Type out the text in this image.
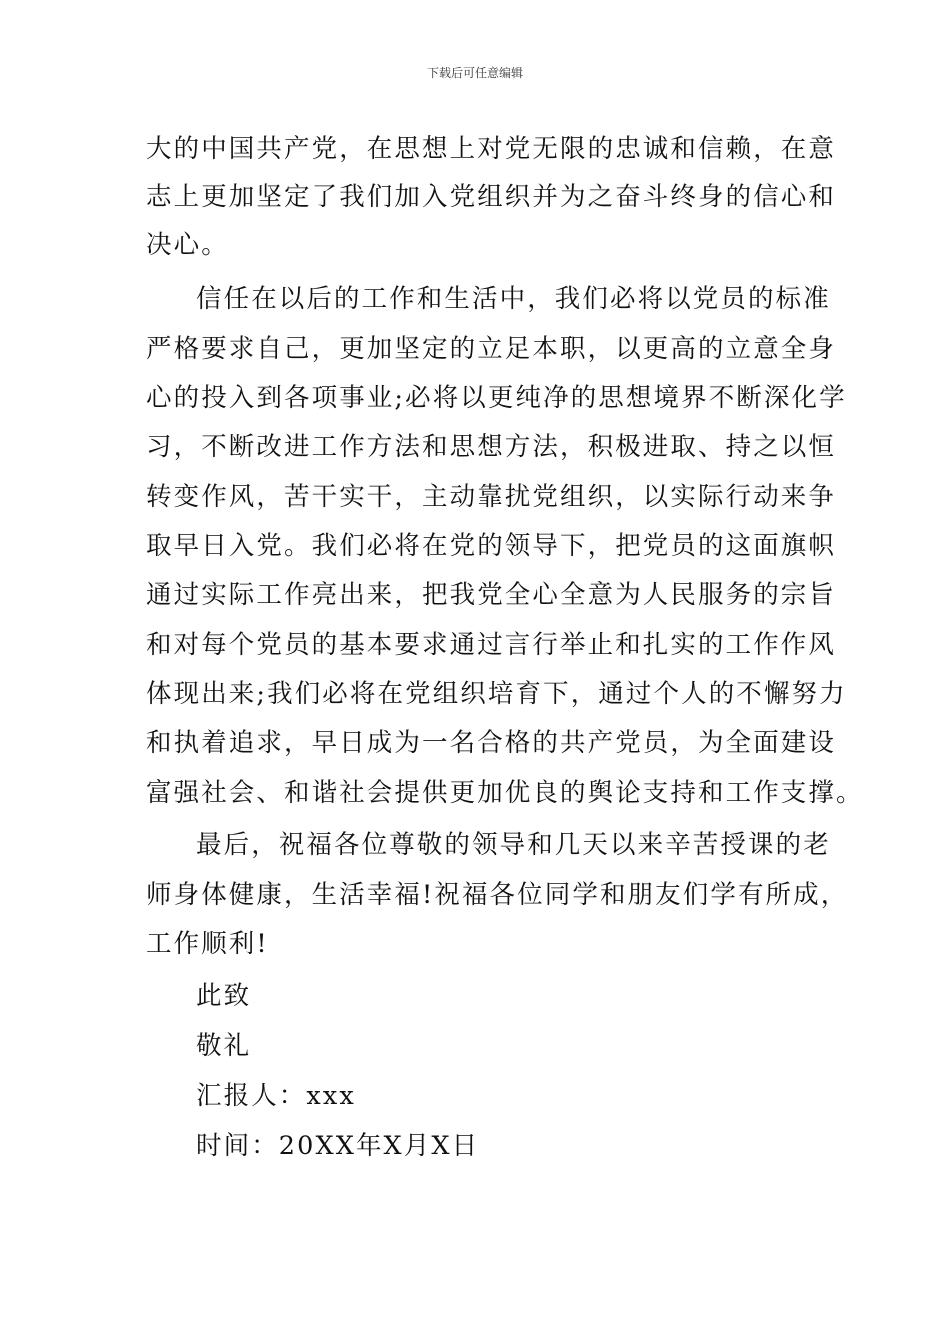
下载后可任意编辑
大的中国共产党，在思想上对党无限的忠诚和信赖，在意
志上更加坚定了我们加入党组织并为之奋斗终身的信心和
决心。
信任在以后的工作和生活中，我们必将以党员的标准
严格要求自己，更加坚定的立足本职，以更高的立意全身
心的投入到各项事业;必将以更纯净的思想境界不断深化学
习，不断改进工作方法和思想方法，积极进取、持之以恒
转变作风，苦干实干，主动靠扰党组织，以实际行动来争
取早日入党。我们必将在党的领导下，把党员的这面旗帜
通过实际工作亮出来，把我党全心全意为人民服务的宗旨
和对每个党员的基本要求通过言行举止和扎实的工作作风
体现出来;我们必将在党组织培育下，通过个人的不懈努力
和执着追求，早日成为一名合格的共产党员，为全面建设
富强社会、和谐社会提供更加优良的舆论支持和工作支撑。
最后，祝福各位尊敬的领导和几天以来辛苦授课的老
师身体健康，生活幸福!祝福各位同学和朋友们学有所成，
工作顺利!
此致
敬礼
汇报人：xxx
时间：20XX年X月X日
